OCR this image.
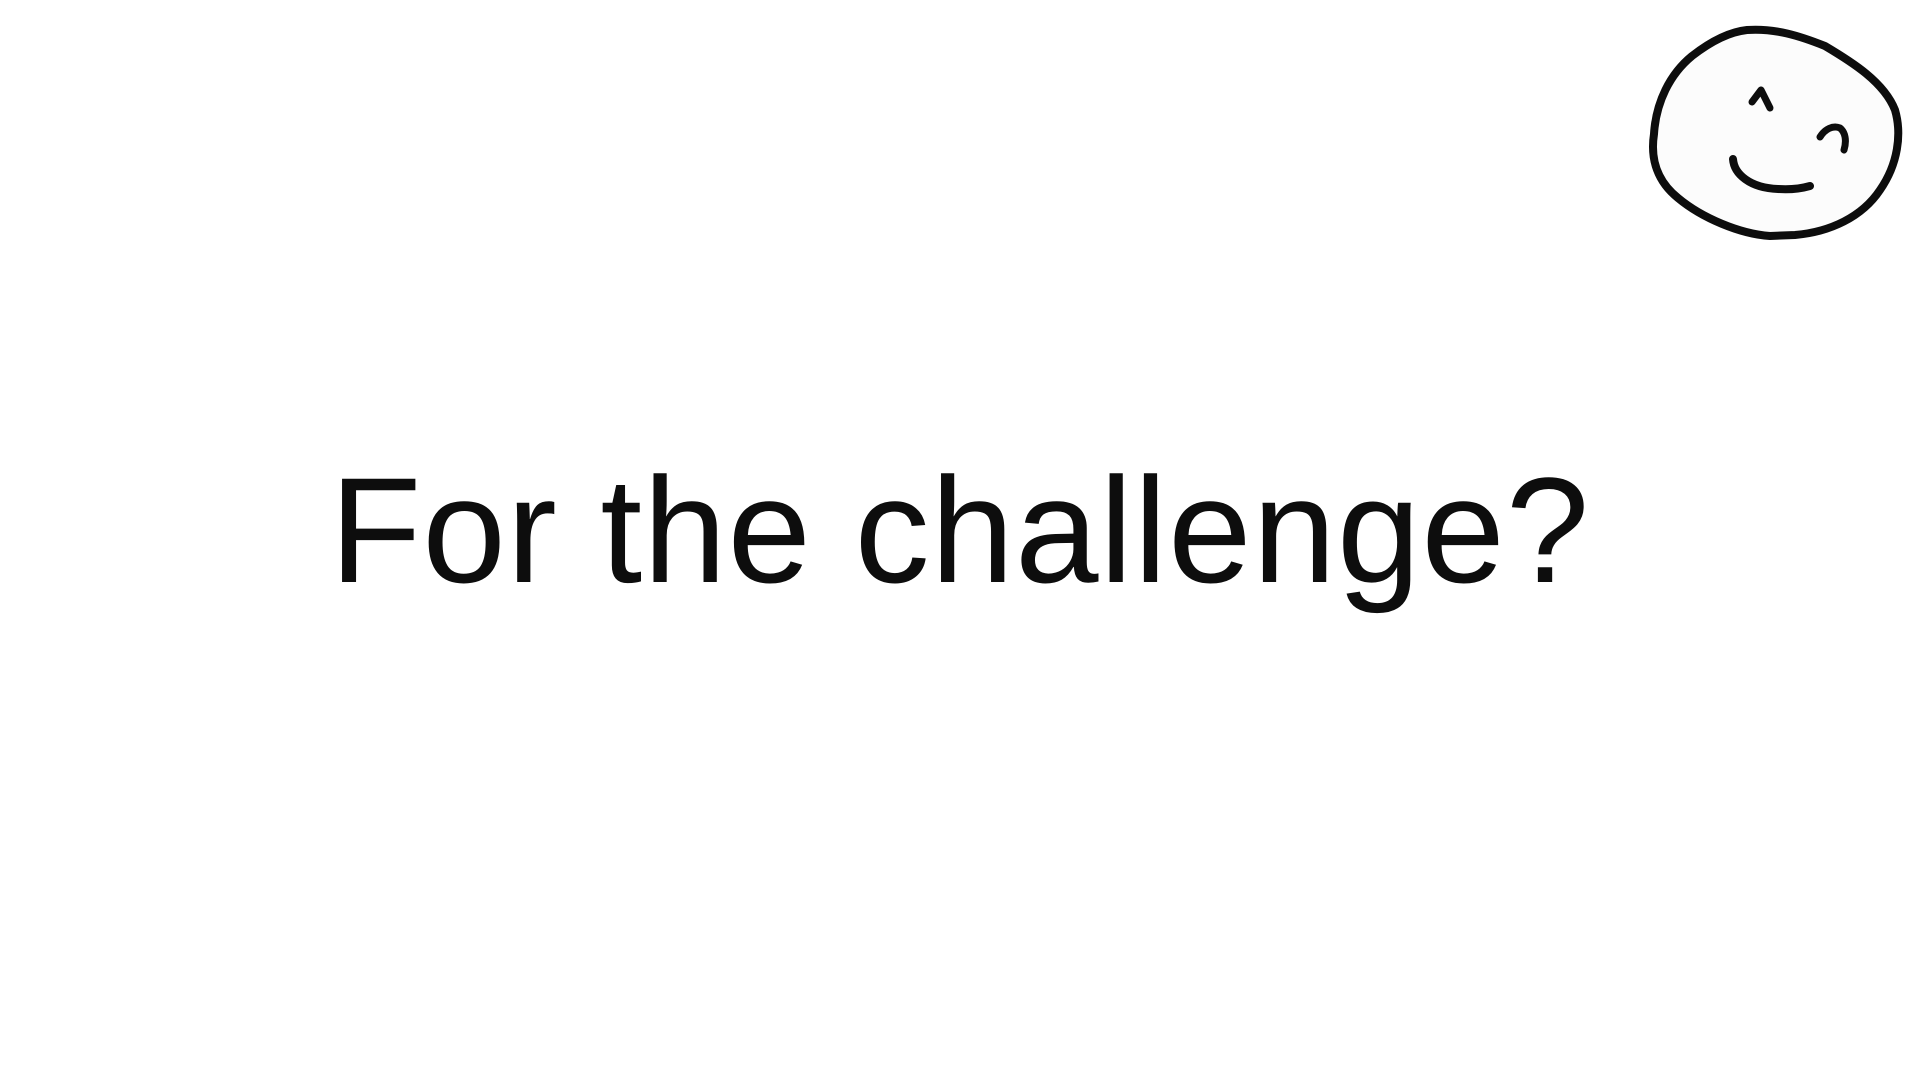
For the challenge?
